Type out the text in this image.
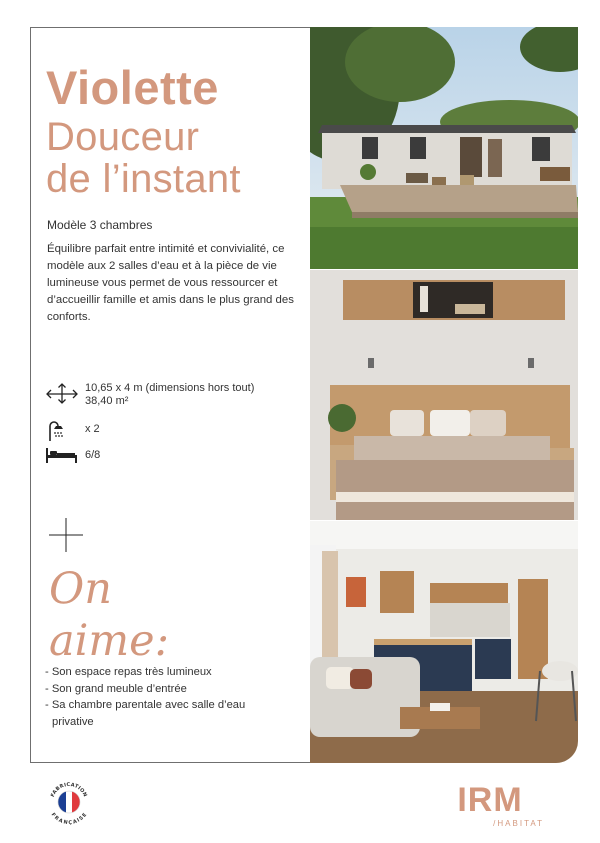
Violette
Douceur
de l’instant
Modèle 3 chambres
Équilibre parfait entre intimité et convivialité, ce modèle aux 2 salles d’eau et à la pièce de vie lumineuse vous permet de vous ressourcer et d’accueillir famille et amis dans le plus grand des conforts.
10,65 x 4 m (dimensions hors tout)
38,40 m²
x 2
6/8
On
aime:
- Son espace repas très lumineux
- Son grand meuble d’entrée
- Sa chambre parentale avec salle d’eau
privative
FABRICATION
FRANÇAISE	IRM
/HABITAT
